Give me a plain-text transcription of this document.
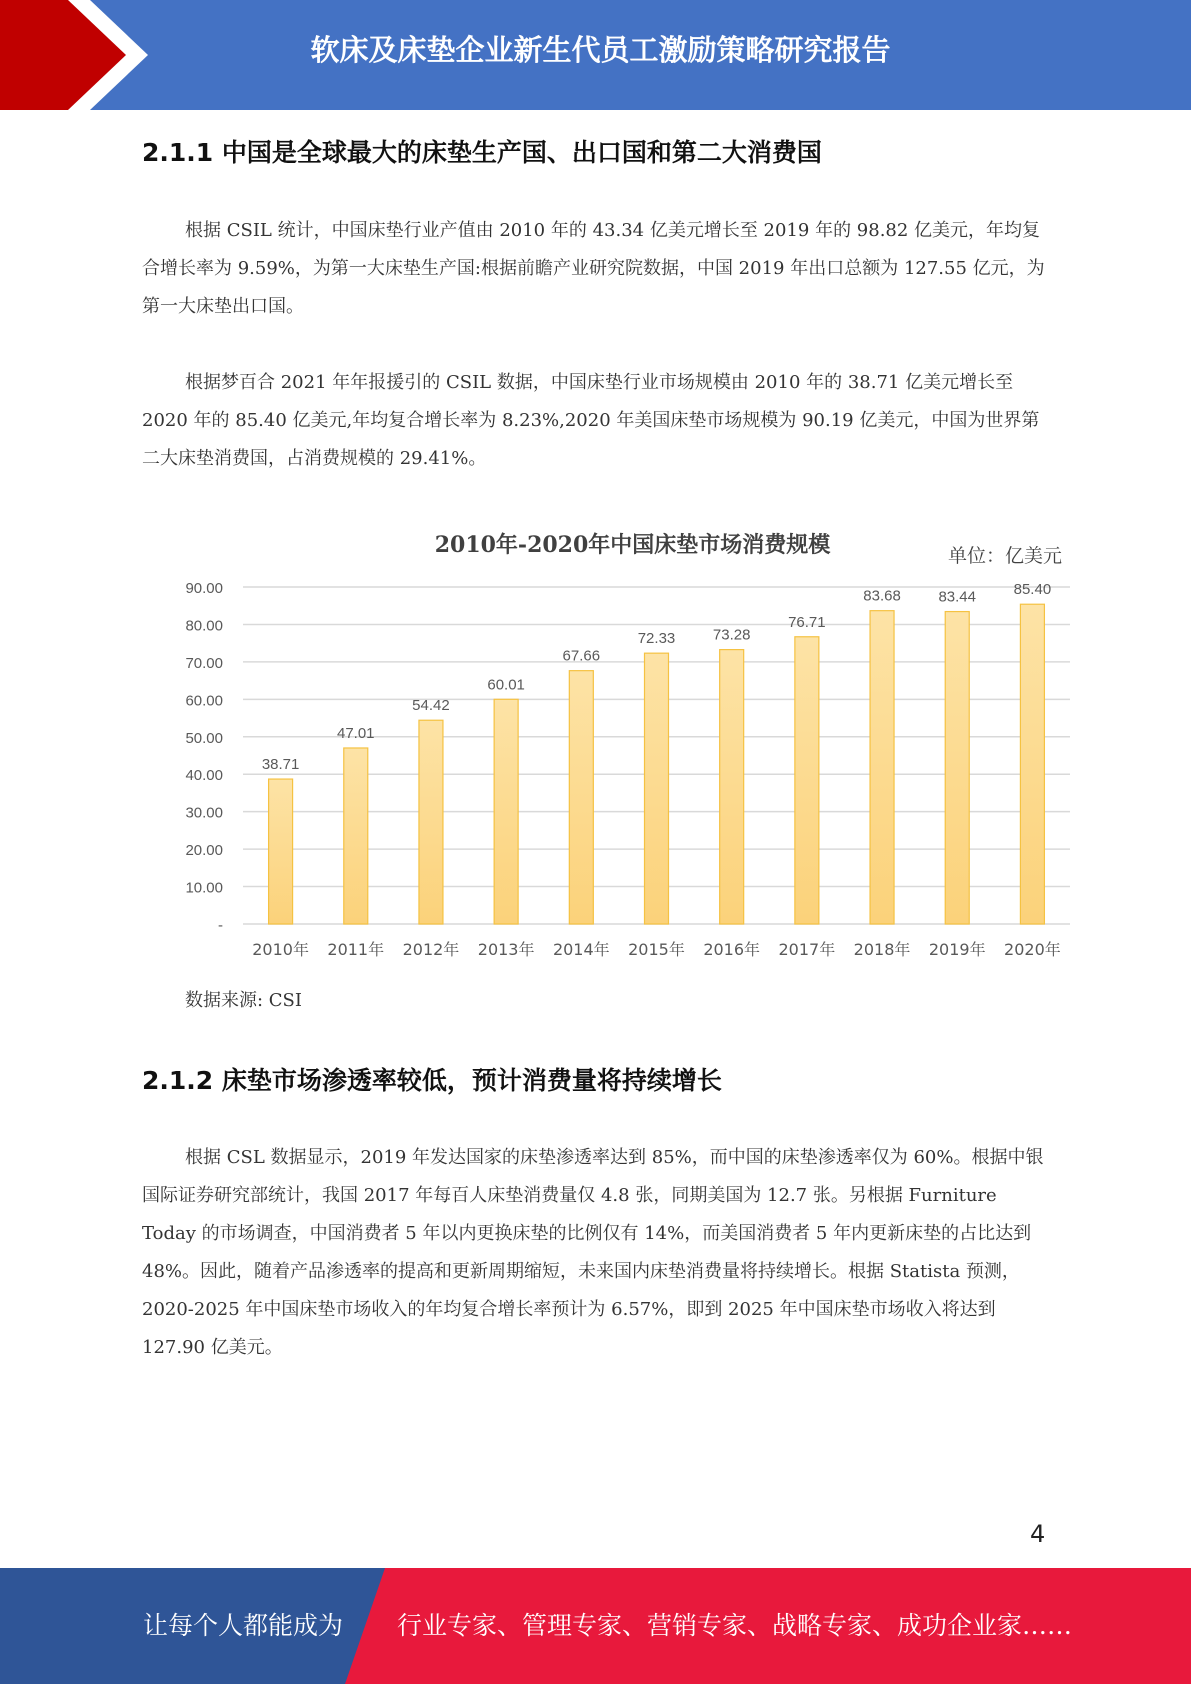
软床及床垫企业新生代员工激励策略研究报告
2.1.1 中国是全球最大的床垫生产国、出口国和第二大消费国

根据 CSIL 统计，中国床垫行业产值由 2010 年的 43.34 亿美元增长至 2019 年的 98.82 亿美元，年均复合增长率为 9.59%，为第一大床垫生产国:根据前瞻产业研究院数据，中国 2019 年出口总额为 127.55 亿元，为第一大床垫出口国。

根据梦百合 2021 年年报援引的 CSIL 数据，中国床垫行业市场规模由 2010 年的 38.71 亿美元增长至 2020 年的 85.40 亿美元,年均复合增长率为 8.23%,2020 年美国床垫市场规模为 90.19 亿美元，中国为世界第二大床垫消费国，占消费规模的 29.41%。

2010年-2020年中国床垫市场消费规模	单位：亿美元
-
10.00
20.00
30.00
40.00
50.00
60.00
70.00
80.00
90.00
38.71
2010年
47.01
2011年
54.42
2012年
60.01
2013年
67.66
2014年
72.33
2015年
73.28
2016年
76.71
2017年
83.68
2018年
83.44
2019年
85.40
2020年
数据来源: CSI
2.1.2 床垫市场渗透率较低，预计消费量将持续增长

根据 CSL 数据显示，2019 年发达国家的床垫渗透率达到 85%，而中国的床垫渗透率仅为 60%。根据中银国际证券研究部统计，我国 2017 年每百人床垫消费量仅 4.8 张，同期美国为 12.7 张。另根据 Furniture Today 的市场调查，中国消费者 5 年以内更换床垫的比例仅有 14%，而美国消费者 5 年内更新床垫的占比达到 48%。因此，随着产品渗透率的提高和更新周期缩短，未来国内床垫消费量将持续增长。根据 Statista 预测，2020-2025 年中国床垫市场收入的年均复合增长率预计为 6.57%，即到 2025 年中国床垫市场收入将达到 127.90 亿美元。

4
让每个人都能成为 行业专家、管理专家、营销专家、战略专家、成功企业家……
